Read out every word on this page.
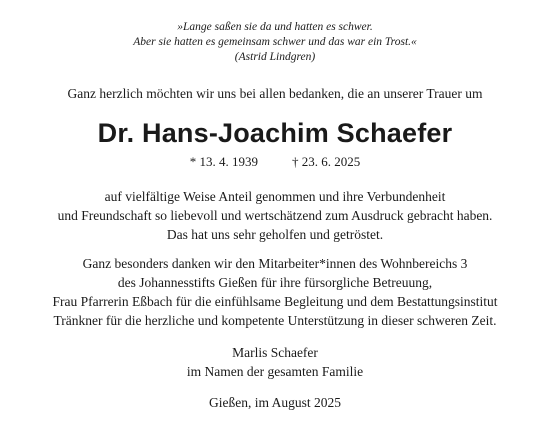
»Lange saßen sie da und hatten es schwer.
Aber sie hatten es gemeinsam schwer und das war ein Trost.«
(Astrid Lindgren)
Ganz herzlich möchten wir uns bei allen bedanken, die an unserer Trauer um
Dr. Hans-Joachim Schaefer
* 13. 4. 1939	† 23. 6. 2025
auf vielfältige Weise Anteil genommen und ihre Verbundenheit
und Freundschaft so liebevoll und wertschätzend zum Ausdruck gebracht haben.
Das hat uns sehr geholfen und getröstet.
Ganz besonders danken wir den Mitarbeiter*innen des Wohnbereichs 3
des Johannesstifts Gießen für ihre fürsorgliche Betreuung,
Frau Pfarrerin Eßbach für die einfühlsame Begleitung und dem Bestattungsinstitut
Tränkner für die herzliche und kompetente Unterstützung in dieser schweren Zeit.
Marlis Schaefer
im Namen der gesamten Familie
Gießen, im August 2025
